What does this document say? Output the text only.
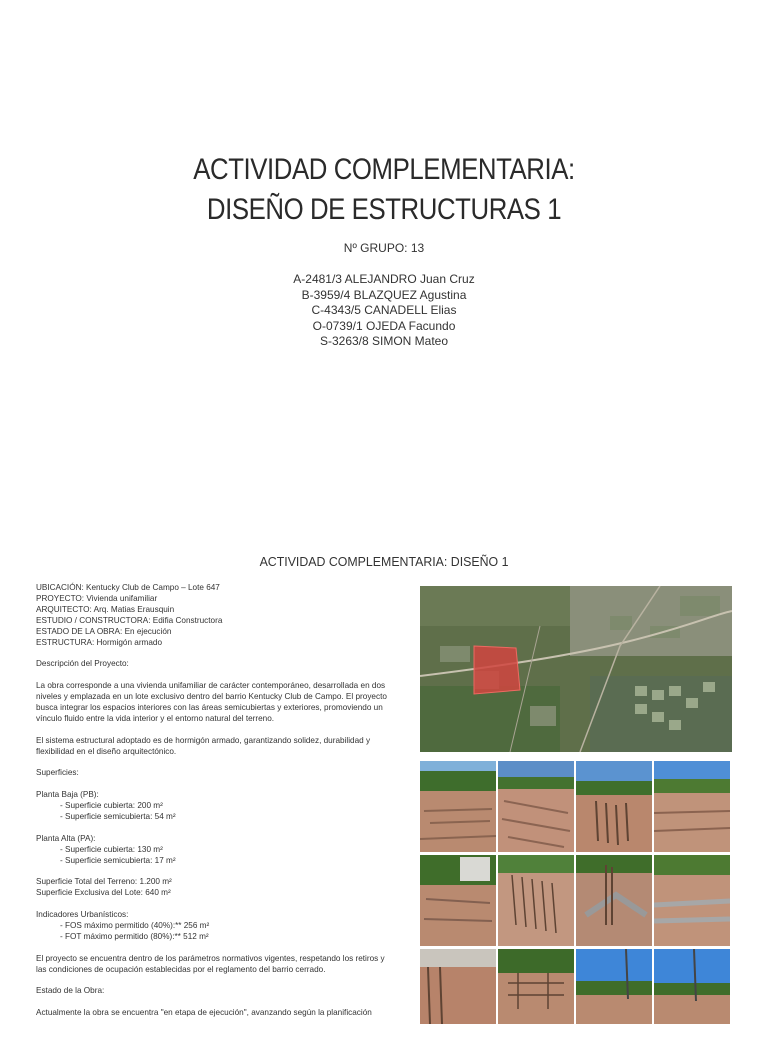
ACTIVIDAD COMPLEMENTARIA:
DISEÑO DE ESTRUCTURAS 1
Nº GRUPO: 13
A-2481/3 ALEJANDRO Juan Cruz
B-3959/4 BLAZQUEZ Agustina
C-4343/5 CANADELL Elias
O-0739/1 OJEDA Facundo
S-3263/8 SIMON Mateo
ACTIVIDAD COMPLEMENTARIA: DISEÑO 1

UBICACIÓN: Kentucky Club de Campo – Lote 647

PROYECTO: Vivienda unifamiliar

ARQUITECTO: Arq. Matias Erausquin

ESTUDIO / CONSTRUCTORA: Edifia Constructora

ESTADO DE LA OBRA: En ejecución

ESTRUCTURA: Hormigón armado

Descripción del Proyecto:

La obra corresponde a una vivienda unifamiliar de carácter contemporáneo, desarrollada en dos

niveles y emplazada en un lote exclusivo dentro del barrio Kentucky Club de Campo. El proyecto

busca integrar los espacios interiores con las áreas semicubiertas y exteriores, promoviendo un

vínculo fluido entre la vida interior y el entorno natural del terreno.

El sistema estructural adoptado es de hormigón armado, garantizando solidez, durabilidad y

flexibilidad en el diseño arquitectónico.

Superficies:

Planta Baja (PB):

- Superficie cubierta: 200 m²

- Superficie semicubierta: 54 m²

Planta Alta (PA):

- Superficie cubierta: 130 m²

- Superficie semicubierta: 17 m²

Superficie Total del Terreno: 1.200 m²

Superficie Exclusiva del Lote: 640 m²

Indicadores Urbanísticos:

- FOS máximo permitido (40%):** 256 m²

- FOT máximo permitido (80%):** 512 m²

El proyecto se encuentra dentro de los parámetros normativos vigentes, respetando los retiros y

las condiciones de ocupación establecidas por el reglamento del barrio cerrado.

Estado de la Obra:

Actualmente la obra se encuentra "en etapa de ejecución", avanzando según la planificación
